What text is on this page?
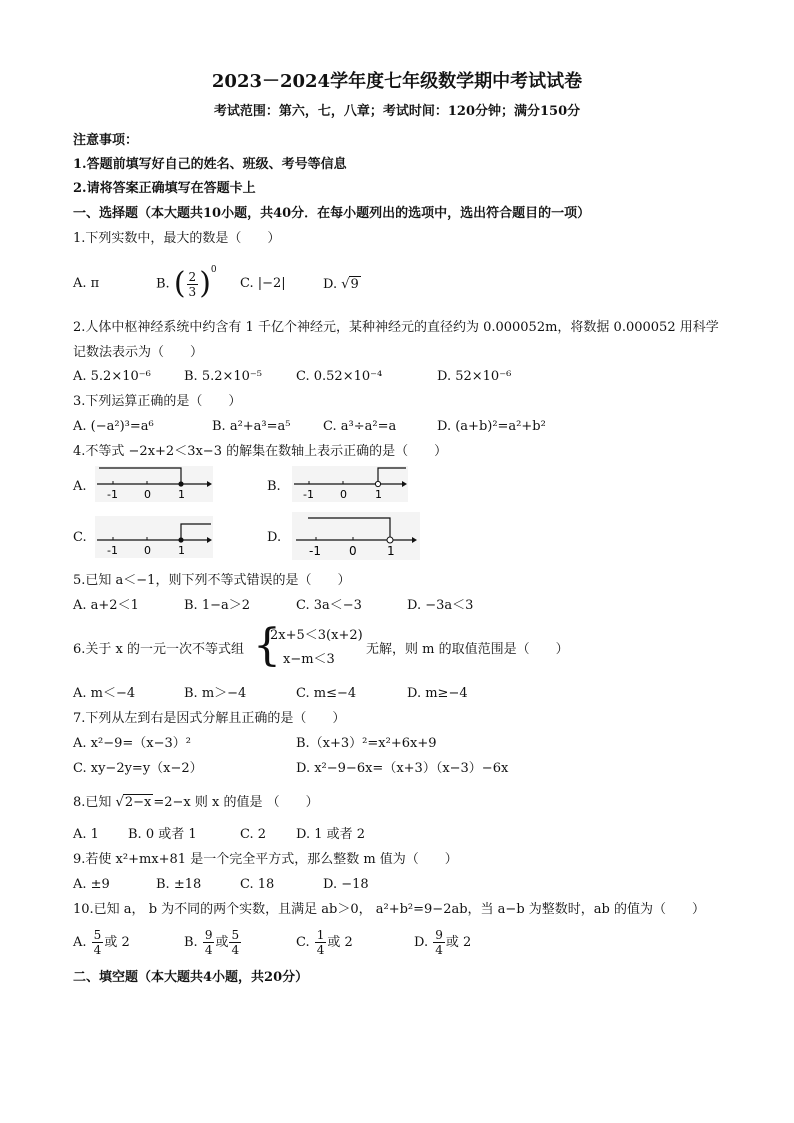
2023－2024学年度七年级数学期中考试试卷
考试范围：第六，七，八章；考试时间：120分钟；满分150分
注意事项：
1.答题前填写好自己的姓名、班级、考号等信息
2.请将答案正确填写在答题卡上
一、选择题（本大题共10小题，共40分．在每小题列出的选项中，选出符合题目的一项）
1.下列实数中，最大的数是（　　）
A. π	B. ( $\frac{2}{3} )^0$
C. |−2|	D. √9
2.人体中枢神经系统中约含有 1 千亿个神经元，某种神经元的直径约为 0.000052m，将数据 0.000052 用科学
记数法表示为（　　）
A. 5.2×10⁻⁶	B. 5.2×10⁻⁵	C. 0.52×10⁻⁴	D. 52×10⁻⁶
3.下列运算正确的是（　　）
A. (−a²)³=a⁶	B. a²+a³=a⁵	C. a³÷a²=a	D. (a+b)²=a²+b²
4.不等式 −2x+2＜3x−3 的解集在数轴上表示正确的是（　　）
A.
-1 0 1
B.
-1 0	1
C.
-1 0 1
D.
-1 0	1
5.已知 a＜−1，则下列不等式错误的是（　　）
A. a+2＜1	B. 1−a＞2	C. 3a＜−3	D. −3a＜3
6.关于 x 的一元一次不等式组 {
2x+5＜3(x+2)
x−m＜3
无解，则 m 的取值范围是（　　）
A. m＜−4	B. m＞−4	C. m≤−4	D. m≥−4
7.下列从左到右是因式分解且正确的是（　　）
A. x²−9=（x−3）²	B.（x+3）²=x²+6x+9
C. xy−2y=y（x−2）	D. x²−9−6x=（x+3）（x−3）−6x
8.已知 √2−x =2−x 则 x 的值是 （　　）
A. 1 B. 0 或者 1	C. 2 D. 1 或者 2
9.若使 x²+mx+81 是一个完全平方式，那么整数 m 值为（　　）
A. ±9	B. ±18	C. 18	D. −18
10.已知 a， b 为不同的两个实数，且满足 ab＞0， a²+b²=9−2ab，当 a−b 为整数时，ab 的值为（　　）
A. $\frac{5}{4}$ 或 2	B. $\frac{9}{4}$ 或 $\frac{5}{4}$	C. $\frac{1}{4}$ 或 2	D. $\frac{9}{4}$ 或 2
二、填空题（本大题共4小题，共20分）
